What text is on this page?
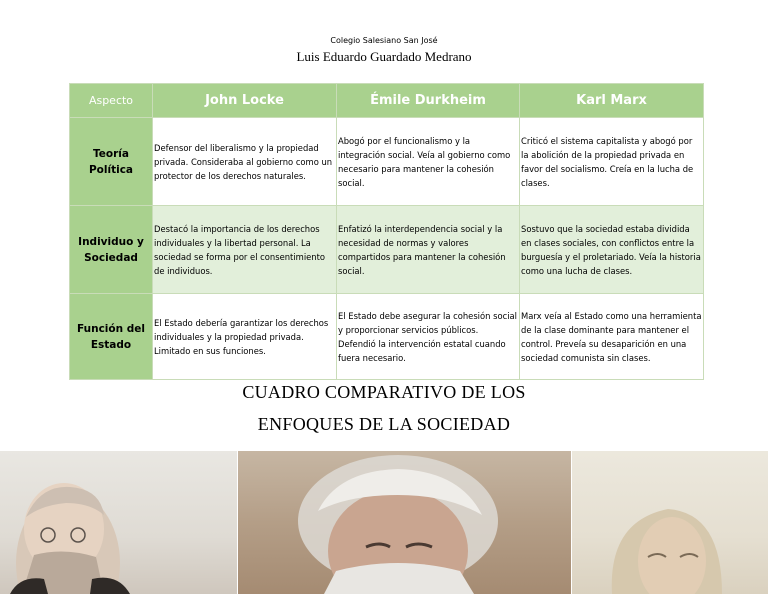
Colegio Salesiano San José
Luis Eduardo Guardado Medrano
Aspecto	John Locke	Émile Durkheim	Karl Marx
Teoría Política	Defensor del liberalismo y la propiedad privada. Consideraba al gobierno como un protector de los derechos naturales.	Abogó por el funcionalismo y la integración social. Veía al gobierno como necesario para mantener la cohesión social.	Criticó el sistema capitalista y abogó por la abolición de la propiedad privada en favor del socialismo. Creía en la lucha de clases.
Individuo y Sociedad	Destacó la importancia de los derechos individuales y la libertad personal. La sociedad se forma por el consentimiento de individuos.	Enfatizó la interdependencia social y la necesidad de normas y valores compartidos para mantener la cohesión social.	Sostuvo que la sociedad estaba dividida en clases sociales, con conflictos entre la burguesía y el proletariado. Veía la historia como una lucha de clases.
Función del Estado	El Estado debería garantizar los derechos individuales y la propiedad privada. Limitado en sus funciones.	El Estado debe asegurar la cohesión social y proporcionar servicios públicos. Defendió la intervención estatal cuando fuera necesario.	Marx veía al Estado como una herramienta de la clase dominante para mantener el control. Preveía su desaparición en una sociedad comunista sin clases.
CUADRO COMPARATIVO DE LOS
ENFOQUES DE LA SOCIEDAD
